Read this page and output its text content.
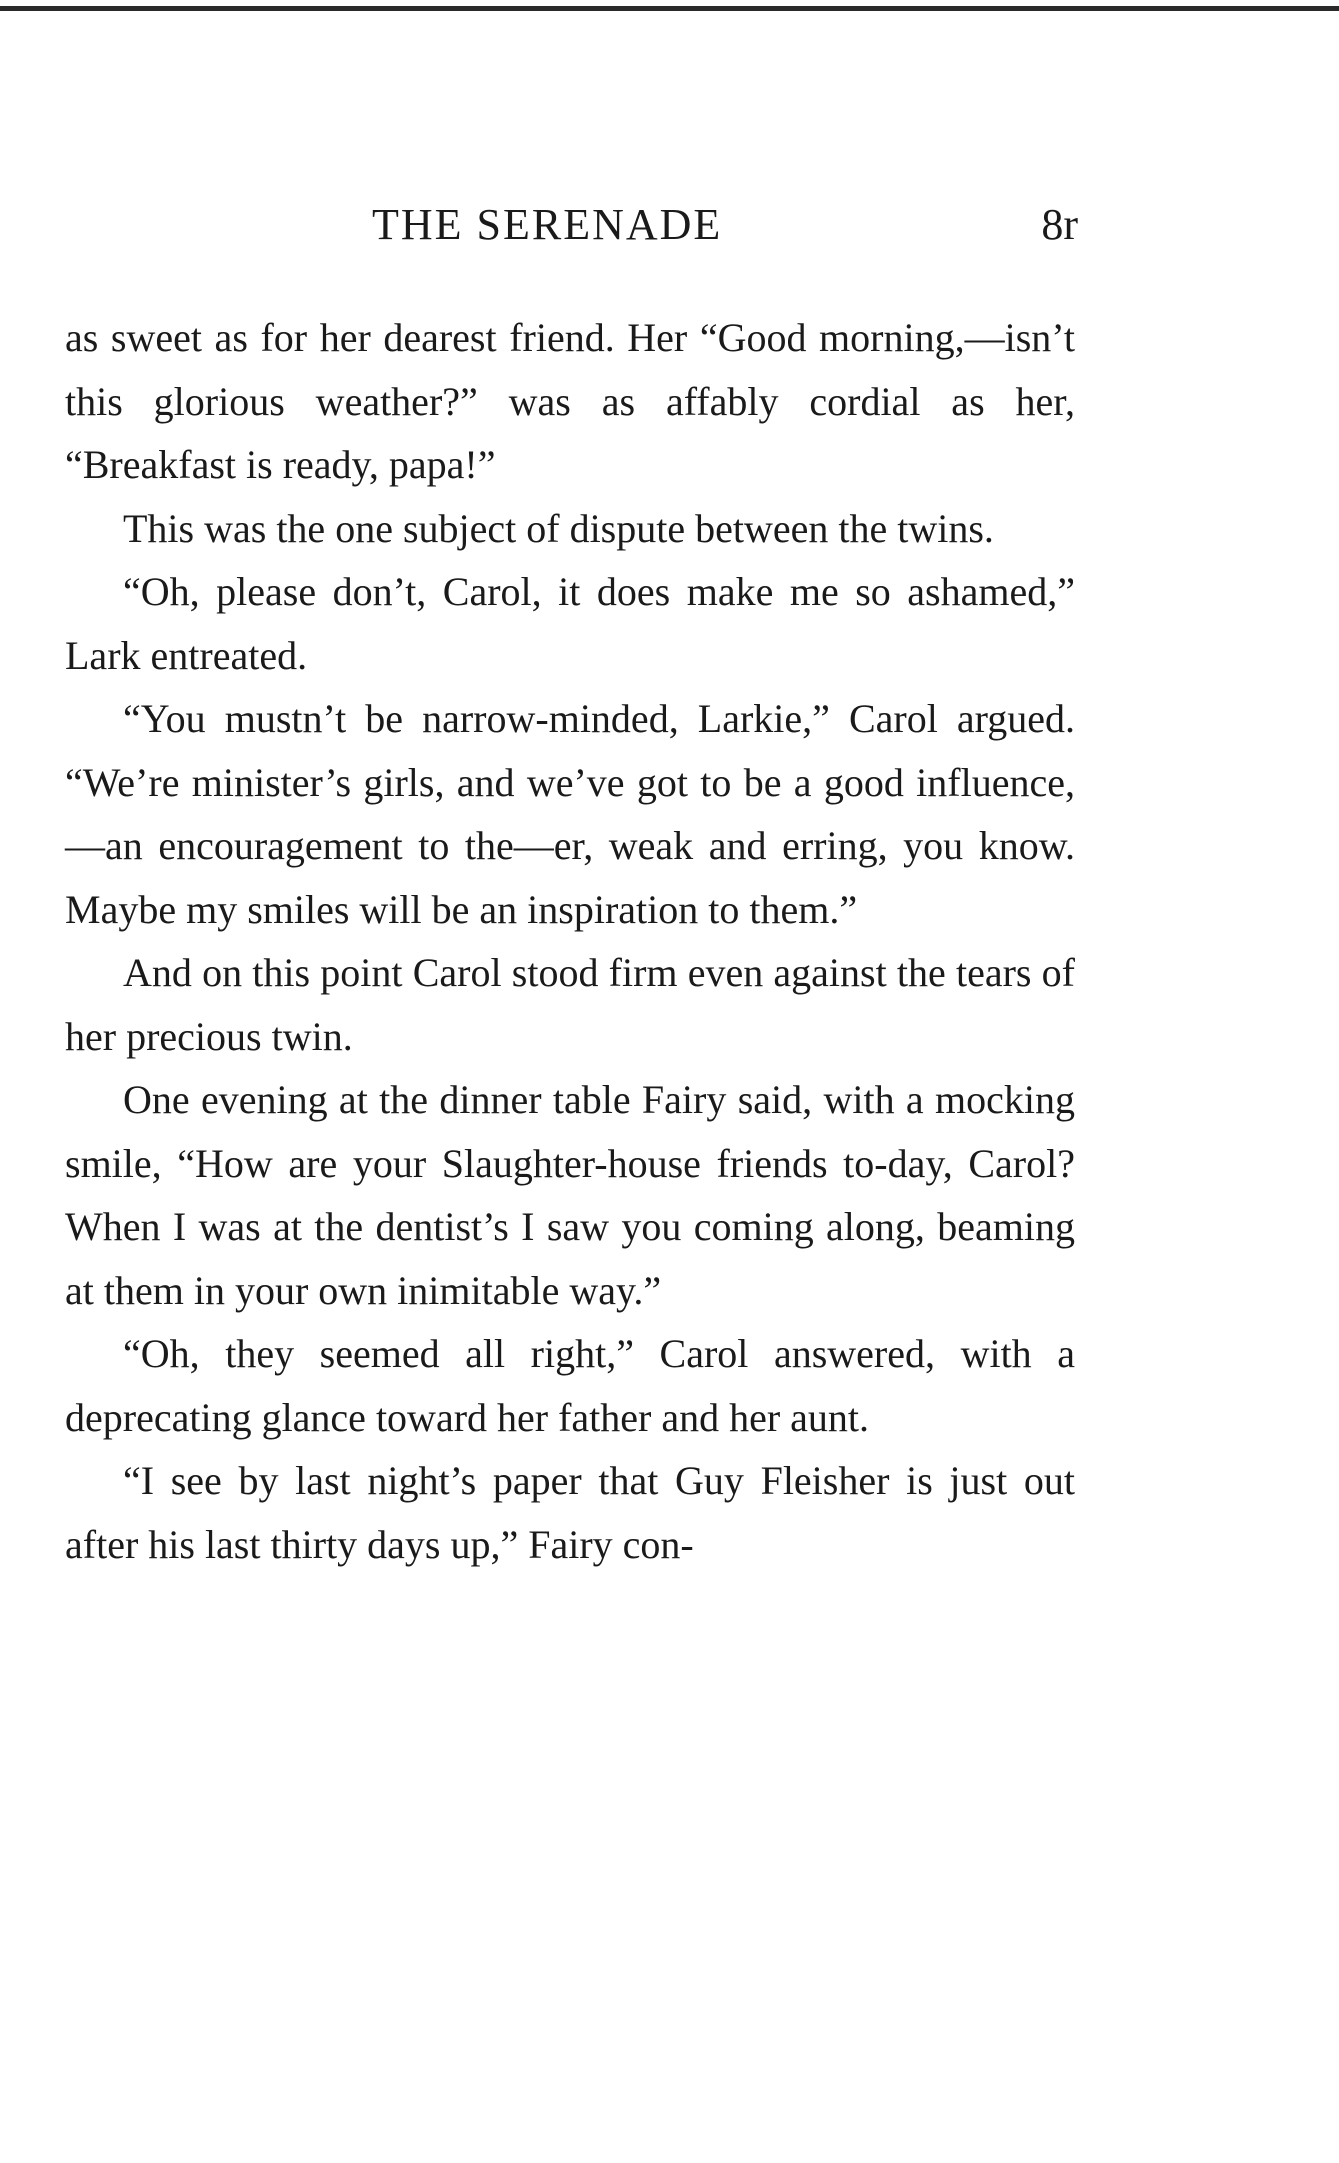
THE SERENADE	8r

as sweet as for her dearest friend. Her “Good morning,—isn’t this glorious weather?” was as affably cordial as her, “Breakfast is ready, papa!”

This was the one subject of dispute between the twins.

“Oh, please don’t, Carol, it does make me so ashamed,” Lark entreated.

“You mustn’t be narrow-minded, Larkie,” Carol argued. “We’re minister’s girls, and we’ve got to be a good influence,—an encouragement to the—er, weak and erring, you know. Maybe my smiles will be an inspiration to them.”

And on this point Carol stood firm even against the tears of her precious twin.

One evening at the dinner table Fairy said, with a mocking smile, “How are your Slaughter-house friends to-day, Carol? When I was at the dentist’s I saw you coming along, beaming at them in your own inimitable way.”

“Oh, they seemed all right,” Carol answered, with a deprecating glance toward her father and her aunt.

“I see by last night’s paper that Guy Fleisher is just out after his last thirty days up,” Fairy con-
